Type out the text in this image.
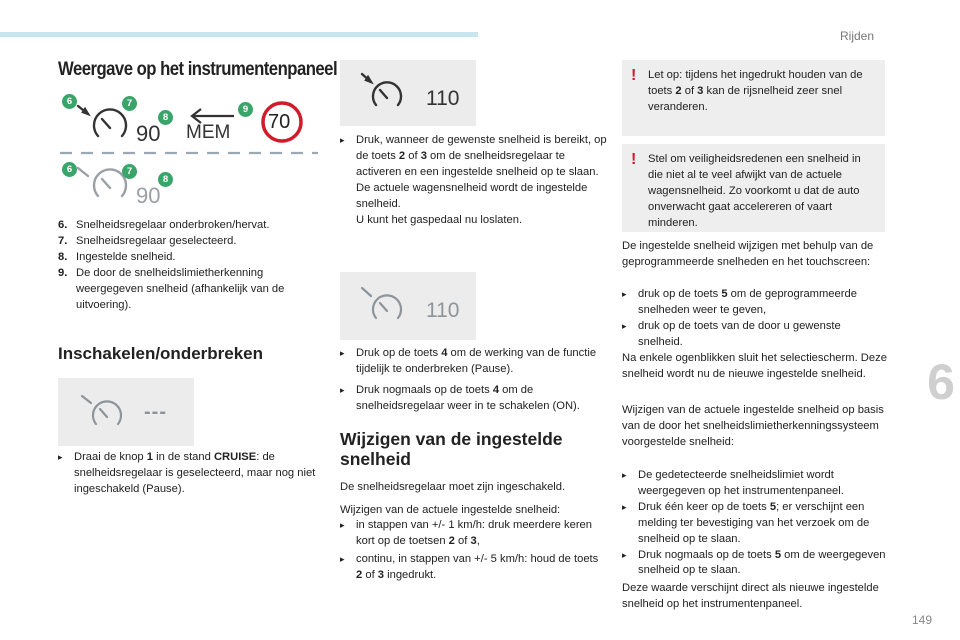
Rijden
6
149
Weergave op het instrumentenpaneel
90 MEM 70
90
6	7
8
9
6	7
8
6. Snelheidsregelaar onderbroken/hervat.
7. Snelheidsregelaar geselecteerd.
8. Ingestelde snelheid.
9. De door de snelheidslimietherkenning weergegeven snelheid (afhankelijk van de uitvoering).
Inschakelen/onderbreken
---
▸	Draai de knop 1 in de stand CRUISE: de snelheidsregelaar is geselecteerd, maar nog niet ingeschakeld (Pause).
110
▸	Druk, wanneer de gewenste snelheid is bereikt, op de toets 2 of 3 om de snelheidsregelaar te activeren en een ingestelde snelheid op te slaan. De actuele wagensnelheid wordt de ingestelde snelheid.
U kunt het gaspedaal nu loslaten.
110
▸	Druk op de toets 4 om de werking van de functie tijdelijk te onderbreken (Pause).
▸	Druk nogmaals op de toets 4 om de snelheidsregelaar weer in te schakelen (ON).
Wijzigen van de ingestelde
snelheid
De snelheidsregelaar moet zijn ingeschakeld.
Wijzigen van de actuele ingestelde snelheid:
▸	in stappen van +/- 1 km/h: druk meerdere keren kort op de toetsen 2 of 3,
▸	continu, in stappen van +/- 5 km/h: houd de toets 2 of 3 ingedrukt.
! Let op: tijdens het ingedrukt houden van de toets 2 of 3 kan de rijsnelheid zeer snel veranderen.
! Stel om veiligheidsredenen een snelheid in die niet al te veel afwijkt van de actuele wagensnelheid. Zo voorkomt u dat de auto onverwacht gaat accelereren of vaart minderen.
De ingestelde snelheid wijzigen met behulp van de geprogrammeerde snelheden en het touchscreen:
▸	druk op de toets 5 om de geprogrammeerde snelheden weer te geven,
▸	druk op de toets van de door u gewenste snelheid.
Na enkele ogenblikken sluit het selectiescherm. Deze snelheid wordt nu de nieuwe ingestelde snelheid.
Wijzigen van de actuele ingestelde snelheid op basis van de door het snelheidslimietherkenningssysteem voorgestelde snelheid:
▸	De gedetecteerde snelheidslimiet wordt weergegeven op het instrumentenpaneel.
▸	Druk één keer op de toets 5; er verschijnt een melding ter bevestiging van het verzoek om de snelheid op te slaan.
▸	Druk nogmaals op de toets 5 om de weergegeven snelheid op te slaan.
Deze waarde verschijnt direct als nieuwe ingestelde snelheid op het instrumentenpaneel.
